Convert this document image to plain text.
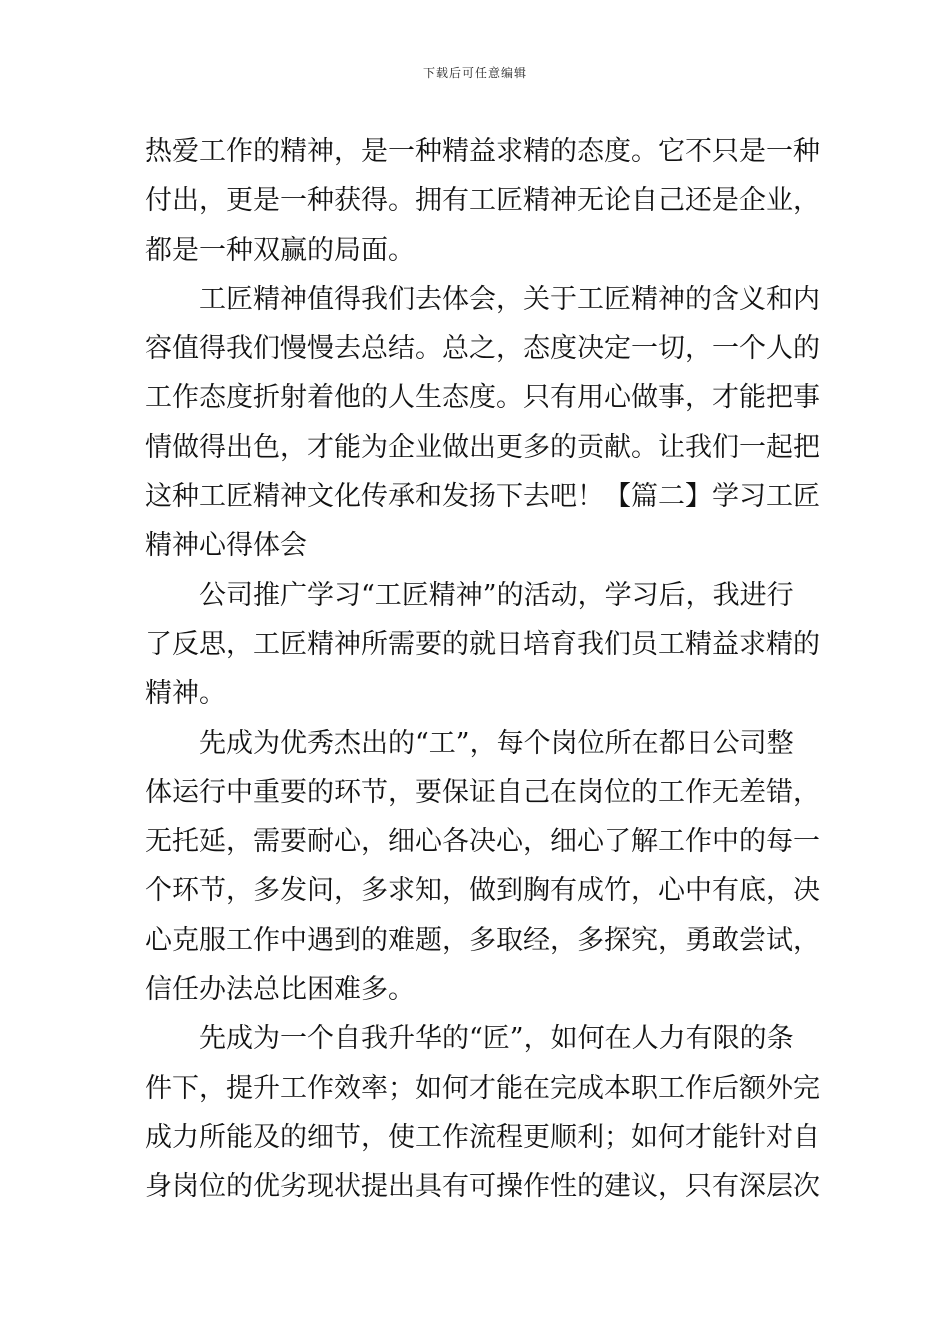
下载后可任意编辑
热爱工作的精神，是一种精益求精的态度。它不只是一种
付出，更是一种获得。拥有工匠精神无论自己还是企业，
都是一种双赢的局面。
工匠精神值得我们去体会，关于工匠精神的含义和内
容值得我们慢慢去总结。总之，态度决定一切，一个人的
工作态度折射着他的人生态度。只有用心做事，才能把事
情做得出色，才能为企业做出更多的贡献。让我们一起把
这种工匠精神文化传承和发扬下去吧！【篇二】学习工匠
精神心得体会
公司推广学习“工匠精神”的活动，学习后，我进行
了反思，工匠精神所需要的就日培育我们员工精益求精的
精神。
先成为优秀杰出的“工”，每个岗位所在都日公司整
体运行中重要的环节，要保证自己在岗位的工作无差错，
无托延，需要耐心，细心各决心，细心了解工作中的每一
个环节，多发问，多求知，做到胸有成竹，心中有底，决
心克服工作中遇到的难题，多取经，多探究，勇敢尝试，
信任办法总比困难多。
先成为一个自我升华的“匠”，如何在人力有限的条
件下，提升工作效率；如何才能在完成本职工作后额外完
成力所能及的细节，使工作流程更顺利；如何才能针对自
身岗位的优劣现状提出具有可操作性的建议，只有深层次
